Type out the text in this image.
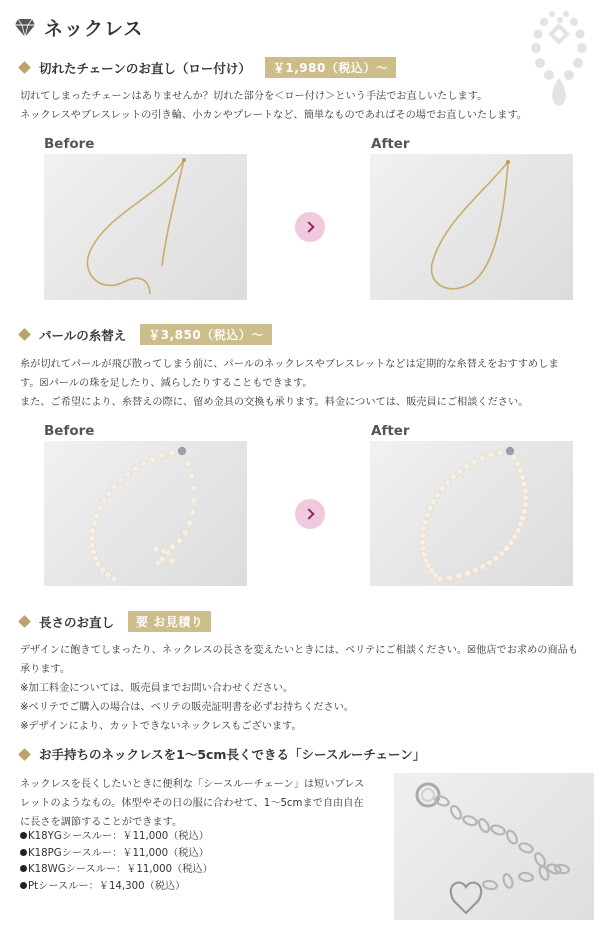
ネックレス
切れたチェーンのお直し（ロー付け）	￥1,980（税込）～
切れてしまったチェーンはありませんか？切れた部分を＜ロー付け＞という手法でお直しいたします。
ネックレスやブレスレットの引き輪、小カンやプレートなど、簡単なものであればその場でお直しいたします。
Before	After
パールの糸替え	￥3,850（税込）～
糸が切れてパールが飛び散ってしまう前に、パールのネックレスやブレスレットなどは定期的な糸替えをおすすめしま
す。☒パールの珠を足したり、減らしたりすることもできます。
また、ご希望により、糸替えの際に、留め金具の交換も承ります。料金については、販売員にご相談ください。
Before	After
長さのお直し	要 お見積り
デザインに飽きてしまったり、ネックレスの長さを変えたいときには、ベリテにご相談ください。☒他店でお求めの商品も
承ります。
※加工料金については、販売員までお問い合わせください。
※ベリテでご購入の場合は、ベリテの販売証明書を必ずお持ちください。
※デザインにより、カットできないネックレスもございます。
お手持ちのネックレスを1～5cm長くできる「シースルーチェーン」
ネックレスを長くしたいときに便利な「シースルーチェーン」は短いブレス
レットのようなもの。体型やその日の服に合わせて、1～5cmまで自由自在
に長さを調節することができます。
K18YGシースルー：￥11,000（税込）
K18PGシースルー：￥11,000（税込）
K18WGシースルー：￥11,000（税込）
Ptシースルー：￥14,300（税込）
